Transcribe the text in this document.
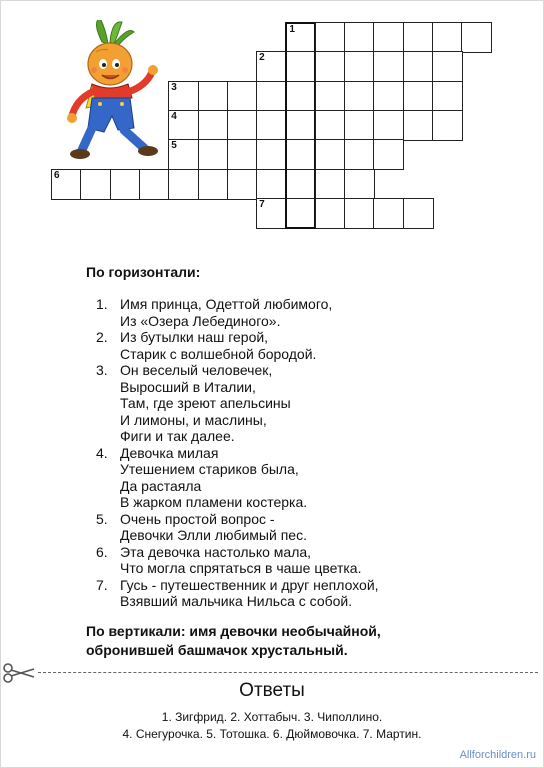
1
2
3
4
5
6
7
По горизонтали:
1. Имя принца, Одеттой любимого,
Из «Озера Лебединого».
2. Из бутылки наш герой,
Старик с волшебной бородой.
3. Он веселый человечек,
Выросший в Италии,
Там, где зреют апельсины
И лимоны, и маслины,
Фиги и так далее.
4. Девочка милая
Утешением стариков была,
Да растаяла
В жарком пламени костерка.
5. Очень простой вопрос -
Девочки Элли любимый пес.
6. Эта девочка настолько мала,
Что могла спрятаться в чаше цветка.
7. Гусь - путешественник и друг неплохой,
Взявший мальчика Нильса с собой.
По вертикали: имя девочки необычайной,
обронившей башмачок хрустальный.
Ответы
1. Зигфрид. 2. Хоттабыч. 3. Чиполлино.
4. Снегурочка. 5. Тотошка. 6. Дюймовочка. 7. Мартин.
Allforchildren.ru
